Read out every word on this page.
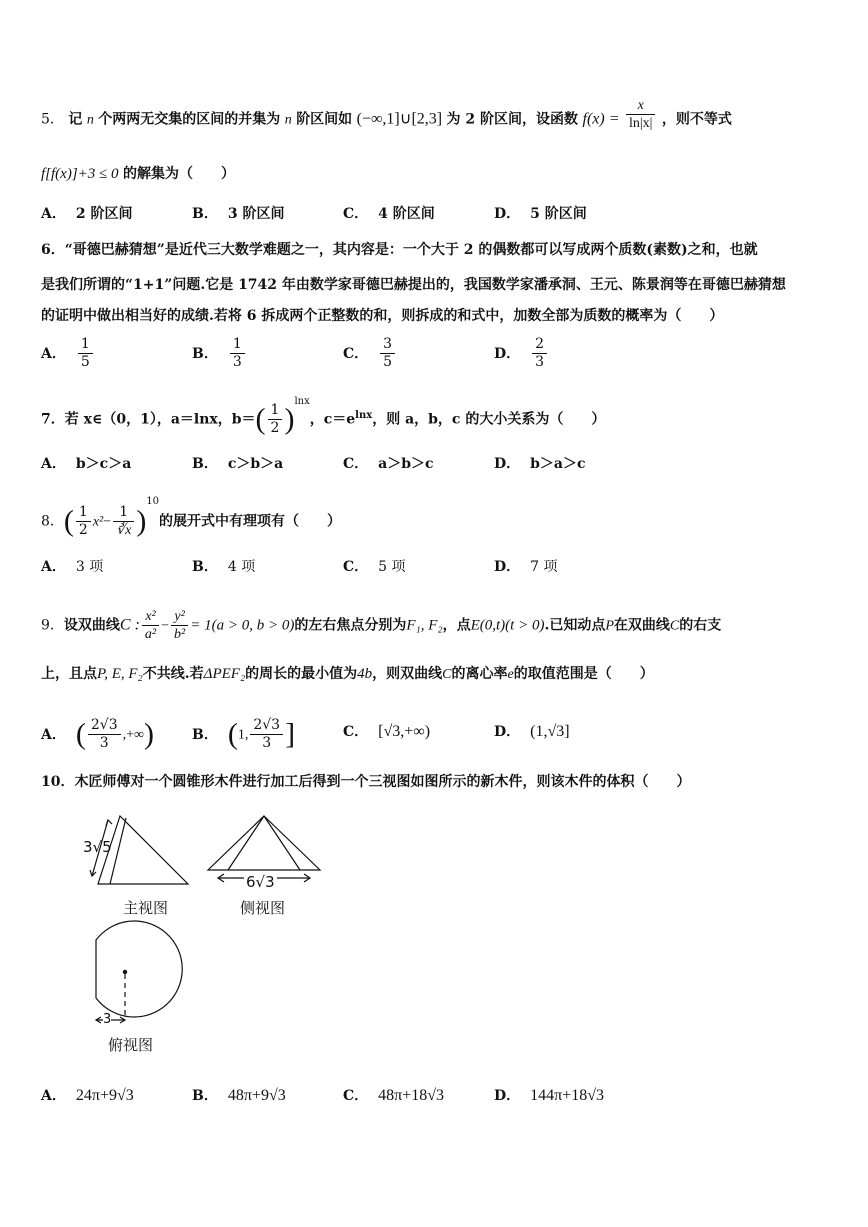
5． 记 n 个两两无交集的区间的并集为 n 阶区间如 (−∞,1]∪[2,3] 为 2 阶区间，设函数 $f(x) = \frac{x}{\ln|x|}$ ，则不等式
f[f(x)]+3 ≤ 0 的解集为（　　）
A． 2 阶区间	B． 3 阶区间	C． 4 阶区间	D． 5 阶区间
6．“哥德巴赫猜想”是近代三大数学难题之一，其内容是：一个大于 2 的偶数都可以写成两个质数(素数)之和，也就
是我们所谓的“1+1”问题.它是 1742 年由数学家哥德巴赫提出的，我国数学家潘承洞、王元、陈景润等在哥德巴赫猜想
的证明中做出相当好的成绩.若将 6 拆成两个正整数的和，则拆成的和式中，加数全部为质数的概率为（　　）
A． $\frac{1}{5}$	B． $\frac{1}{3}$	C． $\frac{3}{5}$	D． $\frac{2}{3}$
7．若 x∈（0，1），a＝lnx，$b=( \frac{1}{2} )^{lnx}$，$c=e^{lnx}$，则 a，b，c 的大小关系为（　　）
A． b＞c＞a	B． c＞b＞a	C． a＞b＞c	D． b＞a＞c
8．( $\frac{1}{2} x^2- \frac{1}{∛x} )^{10}$的展开式中有理项有（　　）
A． 3 项	B． 4 项	C． 5 项	D． 7 项
9．设双曲线C : $\frac{\text{x²}}{\text{a²}} - \frac{\text{y²}}{\text{b²}} = 1(a > 0$, b > 0)的左右焦点分别为F₁, F₂，点E(0,t)(t > 0).已知动点P在双曲线C的右支
上，且点P, E, F₂不共线.若ΔPEF₂的周长的最小值为4b，则双曲线C的离心率e的取值范围是（　　）
A． ( $\frac{2√3}{3}$ ,+∞)	B． (1, $\frac{2√3}{3}$ ]	C． [√3,+∞)	D． (1,√3]
10．木匠师傅对一个圆锥形木件进行加工后得到一个三视图如图所示的新木件，则该木件的体积（　　）
3√5
6√3
3
主视图	侧视图
俯视图
A． 24π+9√3	B． 48π+9√3	C． 48π+18√3	D． 144π+18√3
